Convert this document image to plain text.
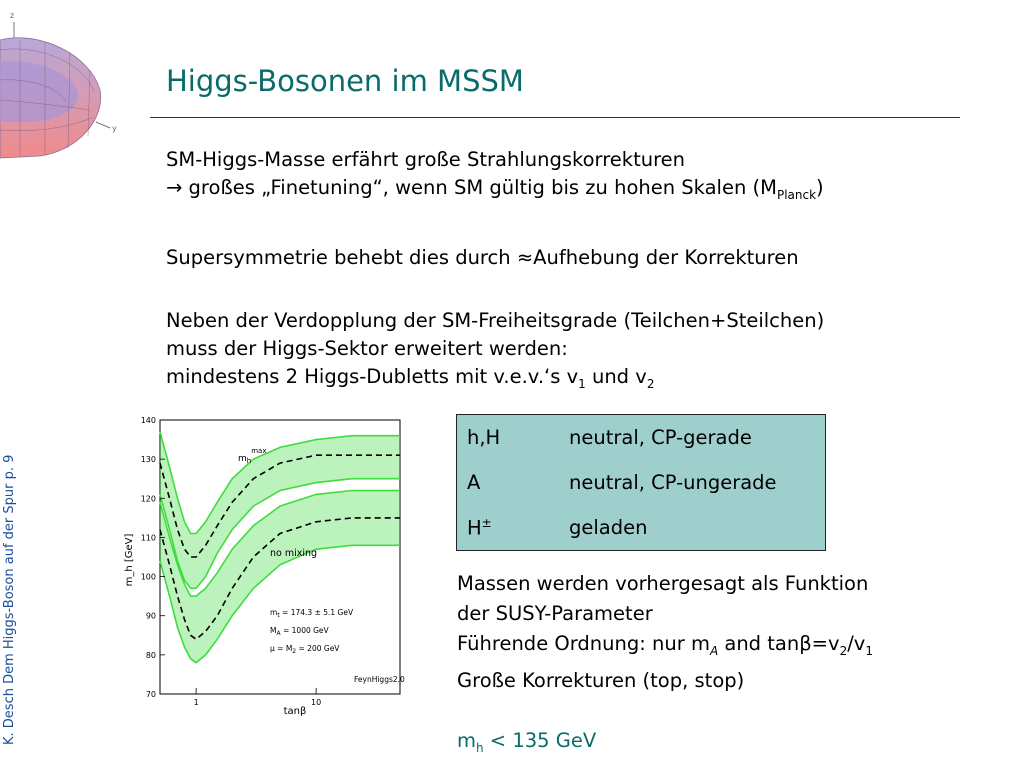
z
y
K. Desch Dem Higgs-Boson auf der Spur p. 9
Higgs-Bosonen im MSSM

SM-Higgs-Masse erfährt große Strahlungskorrekturen

→ großes „Finetuning“, wenn SM gültig bis zu hohen Skalen $(M_{Planck})$

Supersymmetrie behebt dies durch ≈Aufhebung der Korrekturen

Neben der Verdopplung der SM-Freiheitsgrade (Teilchen+Steilchen)

muss der Higgs-Sektor erweitert werden:

mindestens 2 Higgs-Dubletts mit v.e.v.‘s $v_1$ und $v_2$

70
80
90
100
110
120
130
140
1	10
m_h [GeV]
tanβ
$m_h^{max}$
no mixing
$m_t = 174.3 \pm 5.1$ GeV
$M_A = 1000$ GeV
$\mu = M_2 = 200$ GeV
FeynHiggs2.0
h,H	neutral, CP-gerade
A	neutral, CP-ungerade
H±	geladen

Massen werden vorhergesagt als Funktion

der SUSY-Parameter

Führende Ordnung: nur $m_A$ and $\tan\beta=v_2/v_1$

Große Korrekturen (top, stop)

$m_h < 135$ GeV
